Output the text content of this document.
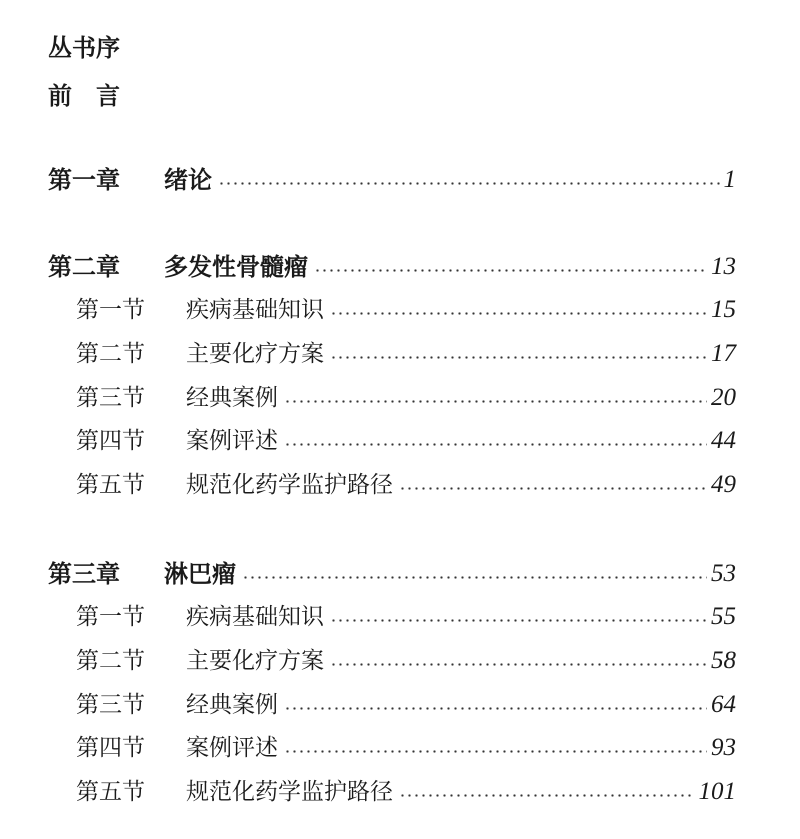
丛书序
前　言
第一章	绪论	1
第二章	多发性骨髓瘤	13
第一节	疾病基础知识	15
第二节	主要化疗方案	17
第三节	经典案例	20
第四节	案例评述	44
第五节	规范化药学监护路径	49
第三章	淋巴瘤	53
第一节	疾病基础知识	55
第二节	主要化疗方案	58
第三节	经典案例	64
第四节	案例评述	93
第五节	规范化药学监护路径	101
